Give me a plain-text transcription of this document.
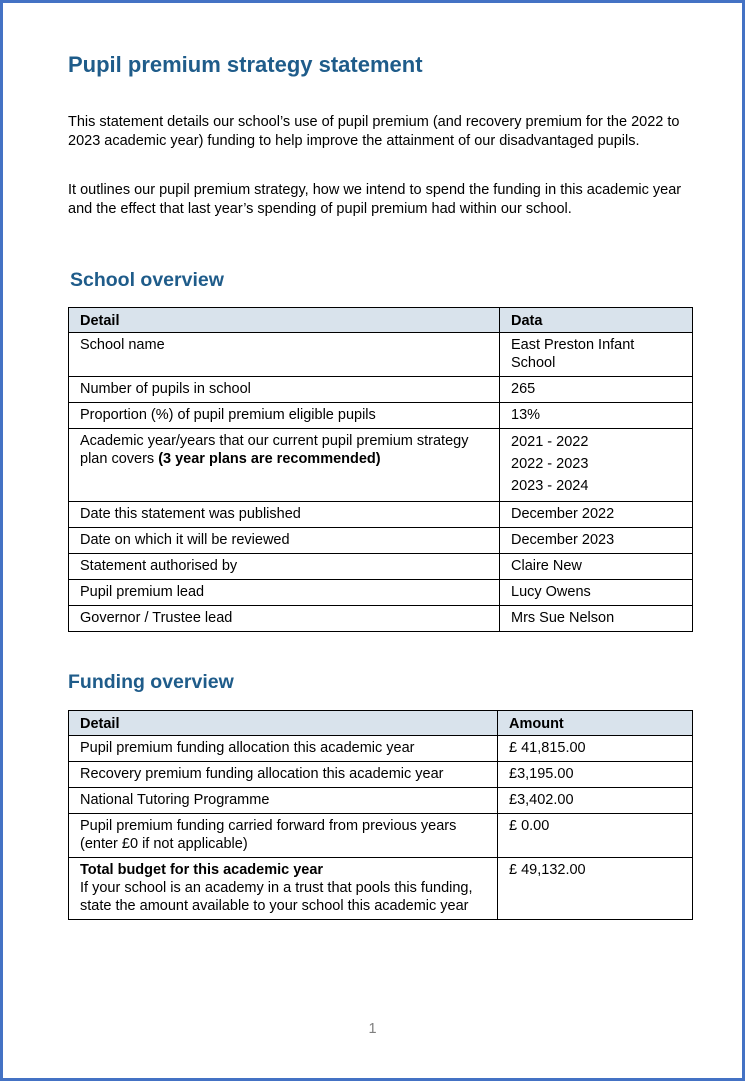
Pupil premium strategy statement

This statement details our school’s use of pupil premium (and recovery premium for the 2022 to 2023 academic year) funding to help improve the attainment of our disadvantaged pupils.

It outlines our pupil premium strategy, how we intend to spend the funding in this academic year and the effect that last year’s spending of pupil premium had within our school.

School overview
Detail	Data
School name	East Preston Infant School
Number of pupils in school	265
Proportion (%) of pupil premium eligible pupils	13%
Academic year/years that our current pupil premium strategy plan covers (3 year plans are recommended)	2021 - 2022
2022 - 2023
2023 - 2024

Date this statement was published	December 2022
Date on which it will be reviewed	December 2023
Statement authorised by	Claire New
Pupil premium lead	Lucy Owens
Governor / Trustee lead	Mrs Sue Nelson
Funding overview
Detail	Amount
Pupil premium funding allocation this academic year	£ 41,815.00
Recovery premium funding allocation this academic year	£3,195.00
National Tutoring Programme	£3,402.00
Pupil premium funding carried forward from previous years (enter £0 if not applicable)	£ 0.00

Total budget for this academic year
If your school is an academy in a trust that pools this funding, state the amount available to your school this academic year	£ 49,132.00
1
